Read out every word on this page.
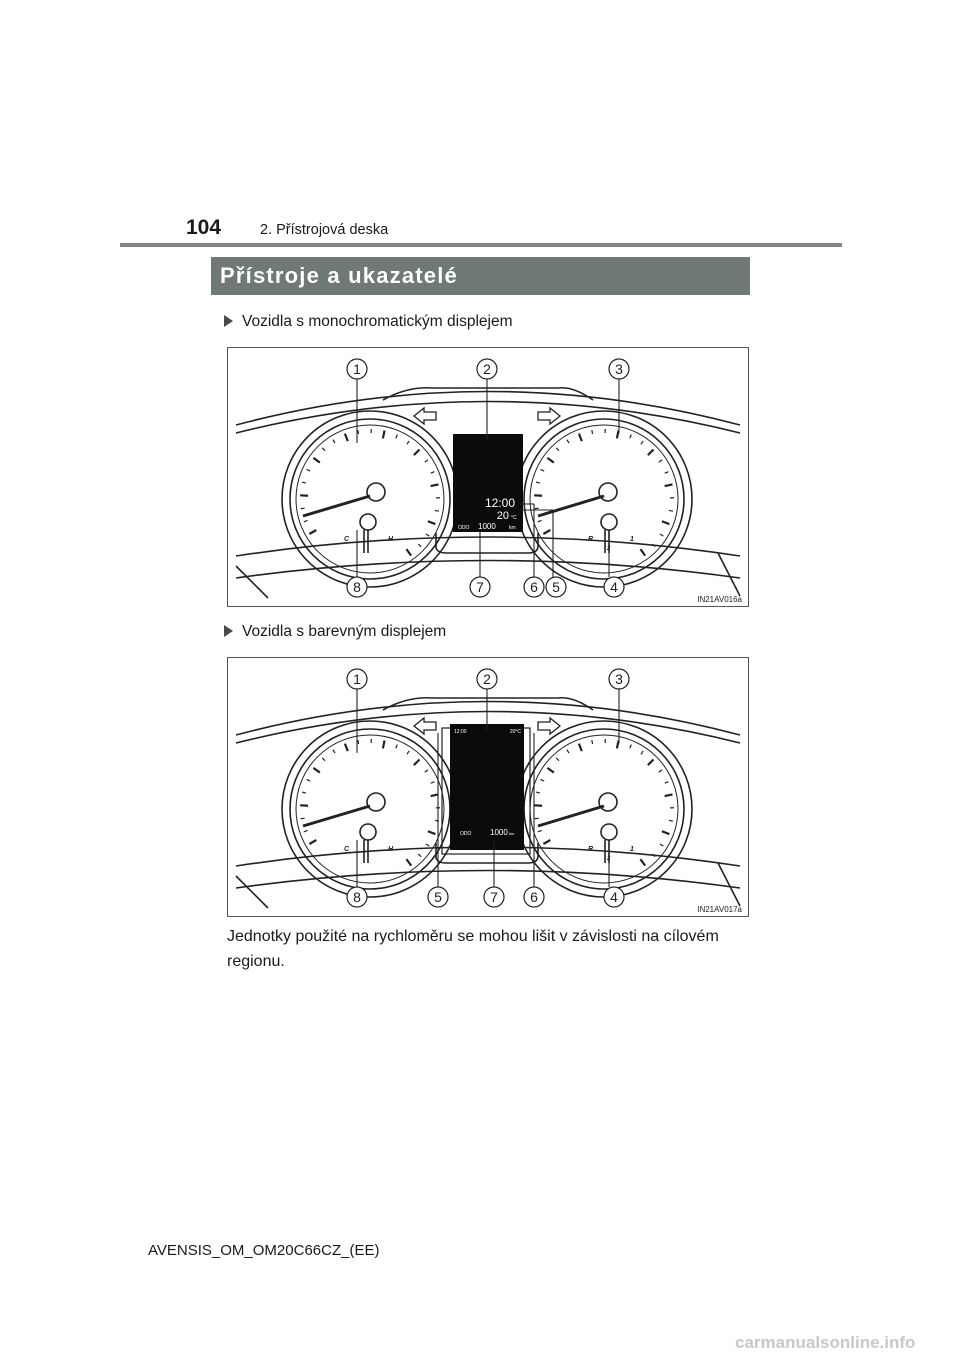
104	2. Přístrojová deska
Přístroje a ukazatelé
Vozidla s monochromatickým displejem
12:00
20 °C
ODO 1000	km
C	H	R	1
2
1	2	3
8	7	6 5	4
IN21AV016a
Vozidla s barevným displejem
12:00	20°C
ODO 1000 km
C	H	R	1
2
1	2	3
8	5	7 6	4
IN21AV017a
Jednotky použité na rychloměru se mohou lišit v závislosti na cílovém regionu.
AVENSIS_OM_OM20C66CZ_(EE)
carmanualsonline.info
